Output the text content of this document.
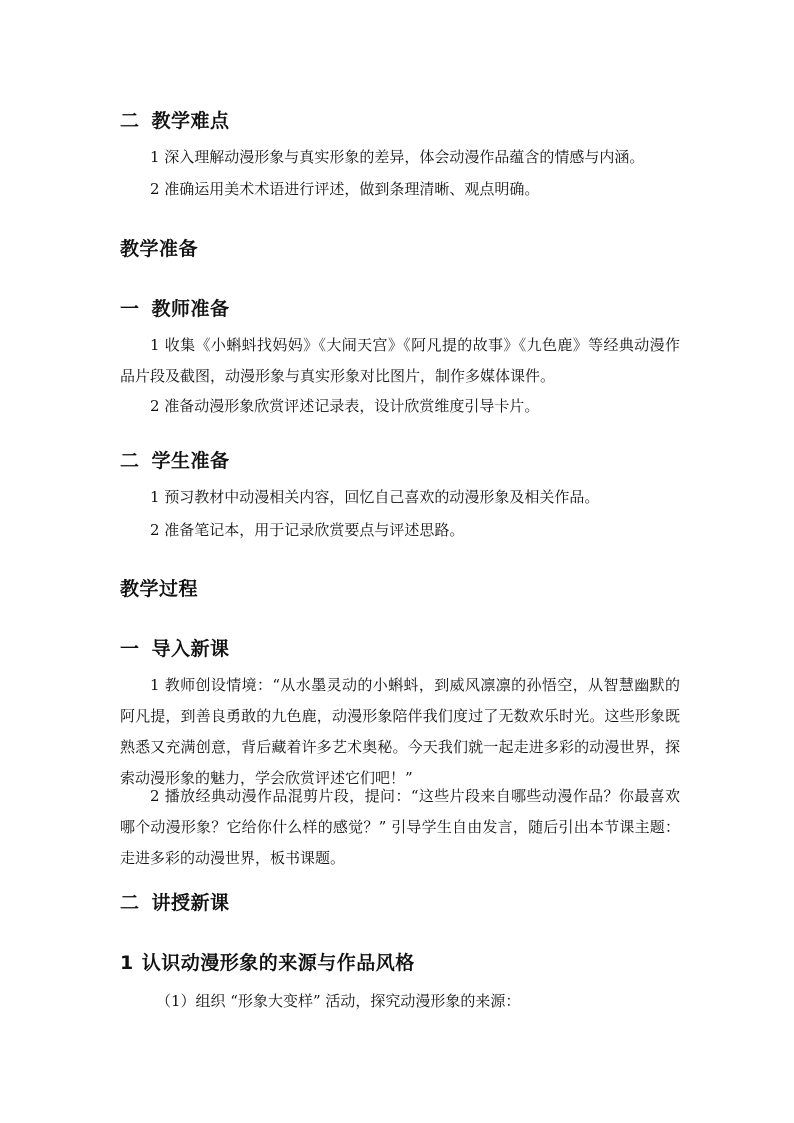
二 教学难点

1 深入理解动漫形象与真实形象的差异，体会动漫作品蕴含的情感与内涵。

2 准确运用美术术语进行评述，做到条理清晰、观点明确。

教学准备
一 教师准备

1 收集《小蝌蚪找妈妈》《大闹天宫》《阿凡提的故事》《九色鹿》等经典动漫作品片段及截图，动漫形象与真实形象对比图片，制作多媒体课件。

2 准备动漫形象欣赏评述记录表，设计欣赏维度引导卡片。

二 学生准备

1 预习教材中动漫相关内容，回忆自己喜欢的动漫形象及相关作品。

2 准备笔记本，用于记录欣赏要点与评述思路。

教学过程
一 导入新课

1 教师创设情境：“从水墨灵动的小蝌蚪，到威风凛凛的孙悟空，从智慧幽默的阿凡提，到善良勇敢的九色鹿，动漫形象陪伴我们度过了无数欢乐时光。这些形象既熟悉又充满创意，背后藏着许多艺术奥秘。今天我们就一起走进多彩的动漫世界，探索动漫形象的魅力，学会欣赏评述它们吧！”

2 播放经典动漫作品混剪片段，提问：“这些片段来自哪些动漫作品？你最喜欢哪个动漫形象？它给你什么样的感觉？” 引导学生自由发言，随后引出本节课主题：走进多彩的动漫世界，板书课题。

二 讲授新课
1 认识动漫形象的来源与作品风格
（1）组织 “形象大变样” 活动，探究动漫形象的来源：
